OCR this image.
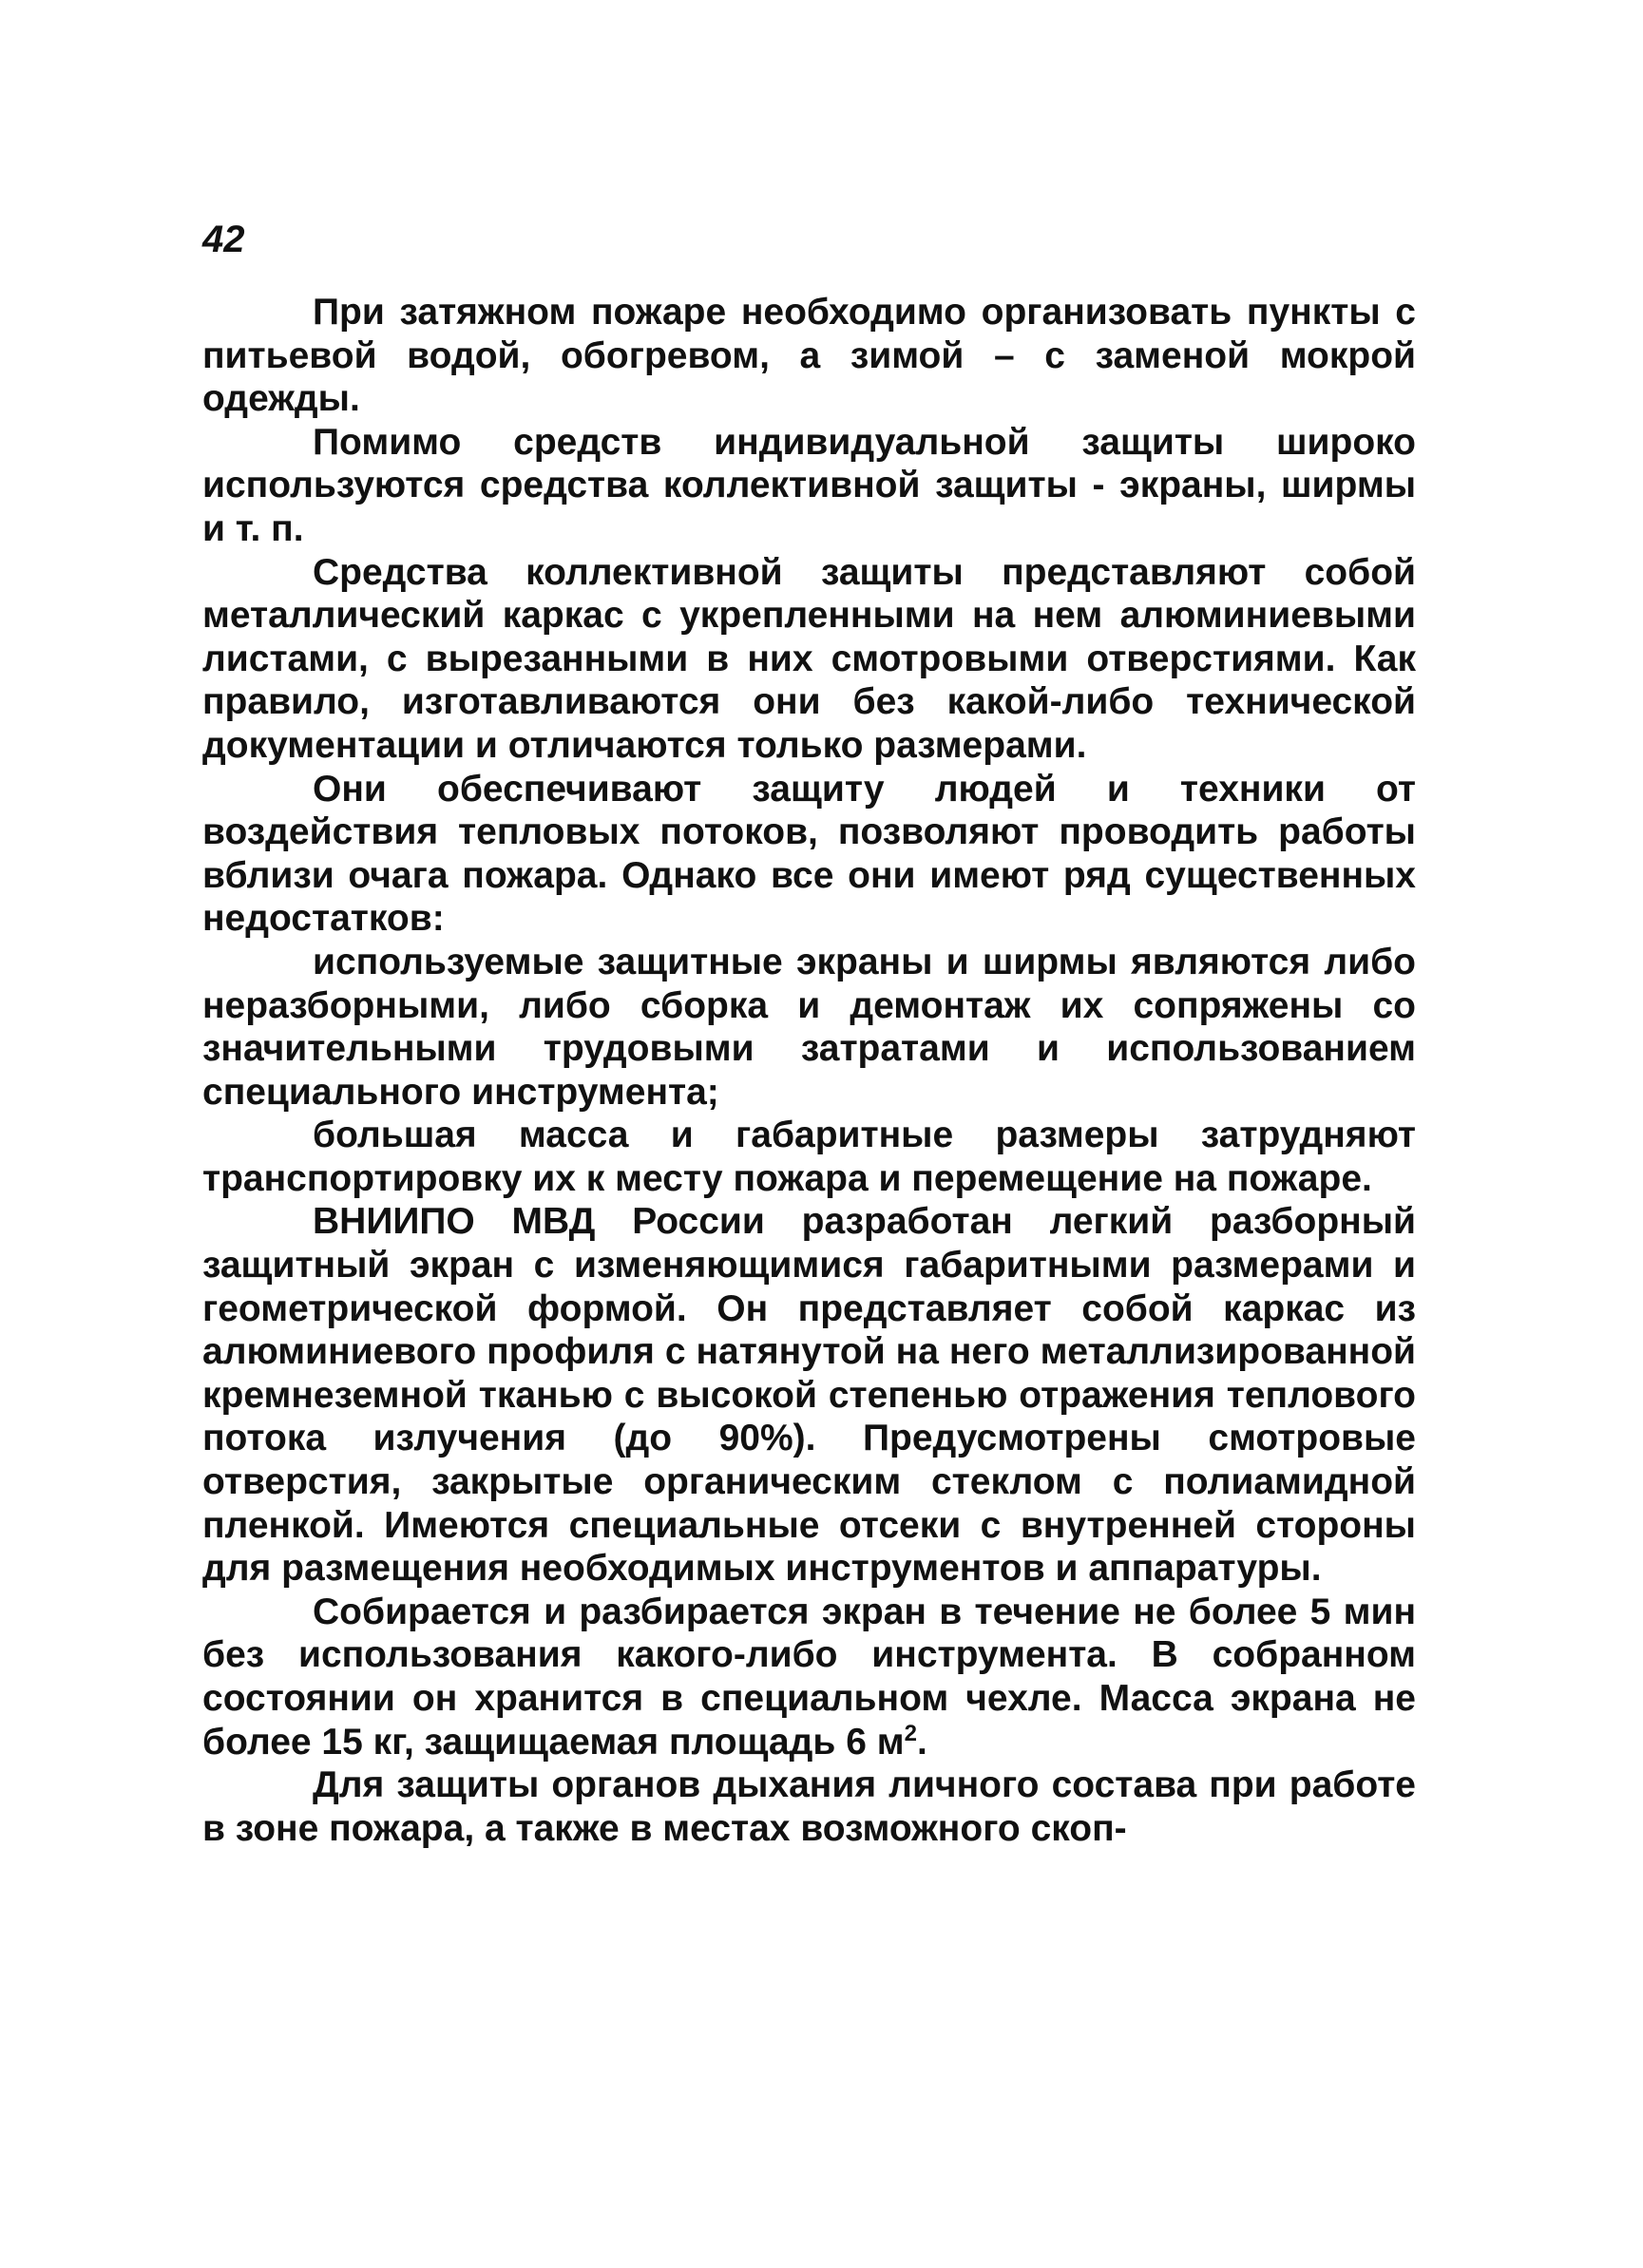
42

При затяжном пожаре необходимо организовать пункты с питьевой водой, обогревом, а зимой – с заменой мокрой одежды.

Помимо средств индивидуальной защиты широко используются средства коллективной защиты - экраны, ширмы и т. п.

Средства коллективной защиты представляют собой металлический каркас с укрепленными на нем алюминиевыми листами, с вырезанными в них смотровыми отверстиями. Как правило, изготавливаются они без какой-либо технической документации и отличаются только размерами.

Они обеспечивают защиту людей и техники от воздействия тепловых потоков, позволяют проводить работы вблизи очага пожара. Однако все они имеют ряд существенных недостатков:

используемые защитные экраны и ширмы являются либо неразборными, либо сборка и демонтаж их сопряжены со значительными трудовыми затратами и использованием специального инструмента;

большая масса и габаритные размеры затрудняют транспортировку их к месту пожара и перемещение на пожаре.

ВНИИПО МВД России разработан легкий разборный защитный экран с изменяющимися габаритными размерами и геометрической формой. Он представляет собой каркас из алюминиевого профиля с натянутой на него металлизированной кремнеземной тканью с высокой степенью отражения теплового потока излучения (до 90%). Предусмотрены смотровые отверстия, закрытые органическим стеклом с полиамидной пленкой. Имеются специальные отсеки с внутренней стороны для размещения необходимых инструментов и аппаратуры.

Собирается и разбирается экран в течение не более 5 мин без использования какого-либо инструмента. В собранном состоянии он хранится в специальном чехле. Масса экрана не более 15 кг, защищаемая площадь 6 $м^2$.

Для защиты органов дыхания личного состава при работе в зоне пожара, а также в местах возможного скоп-
